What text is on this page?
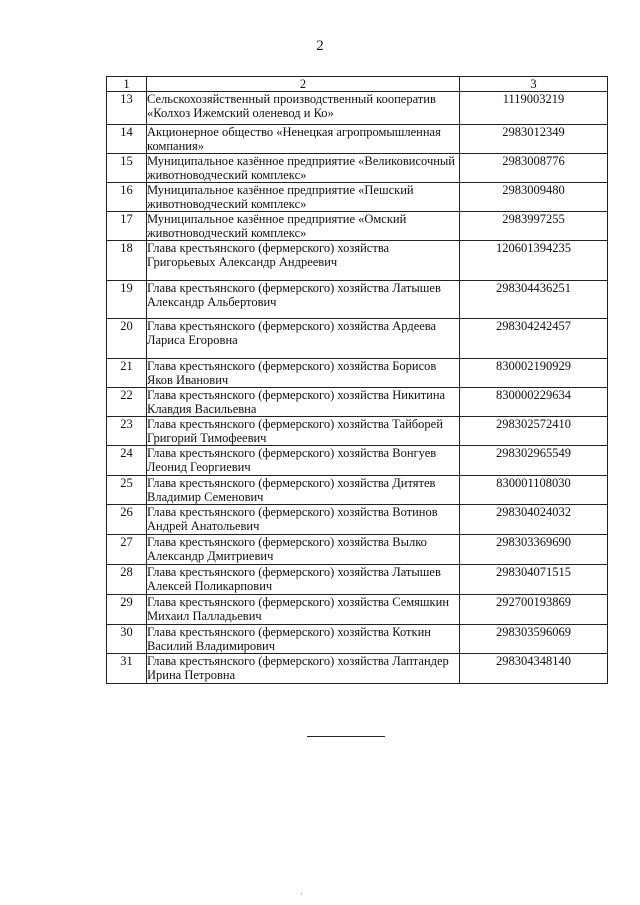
2
1	2	3
13	Сельскохозяйственный производственный кооператив «Колхоз Ижемский оленевод и Ко»	1119003219
14	Акционерное общество «Ненецкая агропромышленная компания»	2983012349
15	Муниципальное казённое предприятие «Великовисочный животноводческий комплекс»	2983008776
16	Муниципальное казённое предприятие «Пешский животноводческий комплекс»	2983009480
17	Муниципальное казённое предприятие «Омский животноводческий комплекс»	2983997255
18	Глава крестьянского (фермерского) хозяйства Григорьевых Александр Андреевич	120601394235
19	Глава крестьянского (фермерского) хозяйства Латышев Александр Альбертович	298304436251
20	Глава крестьянского (фермерского) хозяйства Ардеева Лариса Егоровна	298304242457
21	Глава крестьянского (фермерского) хозяйства Борисов Яков Иванович	830002190929
22	Глава крестьянского (фермерского) хозяйства Никитина Клавдия Васильевна	830000229634
23	Глава крестьянского (фермерского) хозяйства Тайборей Григорий Тимофеевич	298302572410
24	Глава крестьянского (фермерского) хозяйства Вонгуев Леонид Георгиевич	298302965549
25	Глава крестьянского (фермерского) хозяйства Дитятев Владимир Семенович	830001108030
26	Глава крестьянского (фермерского) хозяйства Вотинов Андрей Анатольевич	298304024032
27	Глава крестьянского (фермерского) хозяйства Вылко Александр Дмитриевич	298303369690
28	Глава крестьянского (фермерского) хозяйства Латышев Алексей Поликарпович	298304071515
29	Глава крестьянского (фермерского) хозяйства Семяшкин Михаил Палладьевич	292700193869
30	Глава крестьянского (фермерского) хозяйства Коткин Василий Владимирович	298303596069
31	Глава крестьянского (фермерского) хозяйства Лаптандер Ирина Петровна	298304348140
